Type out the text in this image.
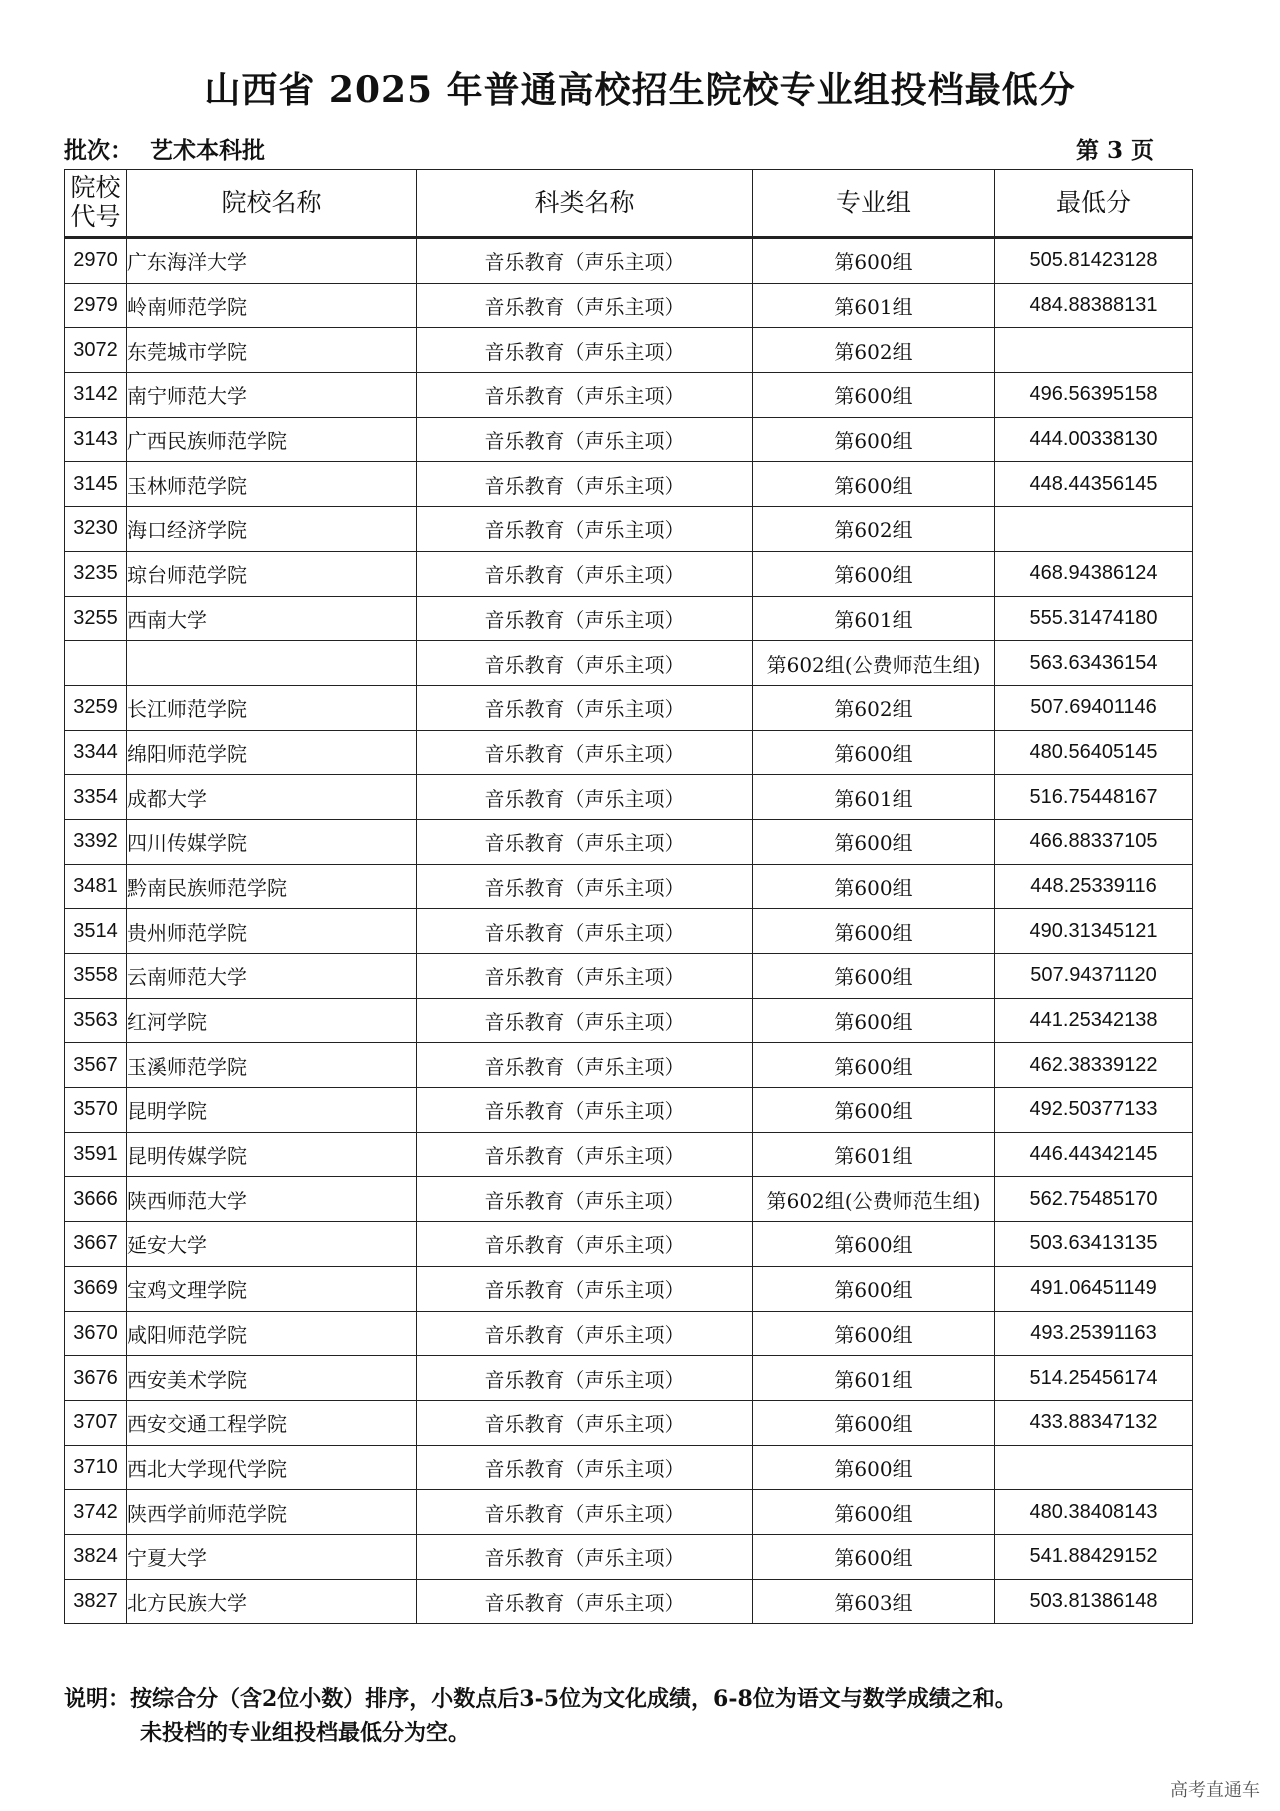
山西省 2025 年普通高校招生院校专业组投档最低分
批次： 艺术本科批	第 3 页
院校代号	院校名称	科类名称	专业组	最低分
2970	广东海洋大学	音乐教育（声乐主项）	第600组	505.81423128
2979	岭南师范学院	音乐教育（声乐主项）	第601组	484.88388131
3072	东莞城市学院	音乐教育（声乐主项）	第602组	
3142	南宁师范大学	音乐教育（声乐主项）	第600组	496.56395158
3143	广西民族师范学院	音乐教育（声乐主项）	第600组	444.00338130
3145	玉林师范学院	音乐教育（声乐主项）	第600组	448.44356145
3230	海口经济学院	音乐教育（声乐主项）	第602组	
3235	琼台师范学院	音乐教育（声乐主项）	第600组	468.94386124
3255	西南大学	音乐教育（声乐主项）	第601组	555.31474180
		音乐教育（声乐主项）	第602组(公费师范生组)	563.63436154
3259	长江师范学院	音乐教育（声乐主项）	第602组	507.69401146
3344	绵阳师范学院	音乐教育（声乐主项）	第600组	480.56405145
3354	成都大学	音乐教育（声乐主项）	第601组	516.75448167
3392	四川传媒学院	音乐教育（声乐主项）	第600组	466.88337105
3481	黔南民族师范学院	音乐教育（声乐主项）	第600组	448.25339116
3514	贵州师范学院	音乐教育（声乐主项）	第600组	490.31345121
3558	云南师范大学	音乐教育（声乐主项）	第600组	507.94371120
3563	红河学院	音乐教育（声乐主项）	第600组	441.25342138
3567	玉溪师范学院	音乐教育（声乐主项）	第600组	462.38339122
3570	昆明学院	音乐教育（声乐主项）	第600组	492.50377133
3591	昆明传媒学院	音乐教育（声乐主项）	第601组	446.44342145
3666	陕西师范大学	音乐教育（声乐主项）	第602组(公费师范生组)	562.75485170
3667	延安大学	音乐教育（声乐主项）	第600组	503.63413135
3669	宝鸡文理学院	音乐教育（声乐主项）	第600组	491.06451149
3670	咸阳师范学院	音乐教育（声乐主项）	第600组	493.25391163
3676	西安美术学院	音乐教育（声乐主项）	第601组	514.25456174
3707	西安交通工程学院	音乐教育（声乐主项）	第600组	433.88347132
3710	西北大学现代学院	音乐教育（声乐主项）	第600组	
3742	陕西学前师范学院	音乐教育（声乐主项）	第600组	480.38408143
3824	宁夏大学	音乐教育（声乐主项）	第600组	541.88429152
3827	北方民族大学	音乐教育（声乐主项）	第603组	503.81386148
说明：按综合分（含2位小数）排序，小数点后3-5位为文化成绩，6-8位为语文与数学成绩之和。
未投档的专业组投档最低分为空。
高考直通车
